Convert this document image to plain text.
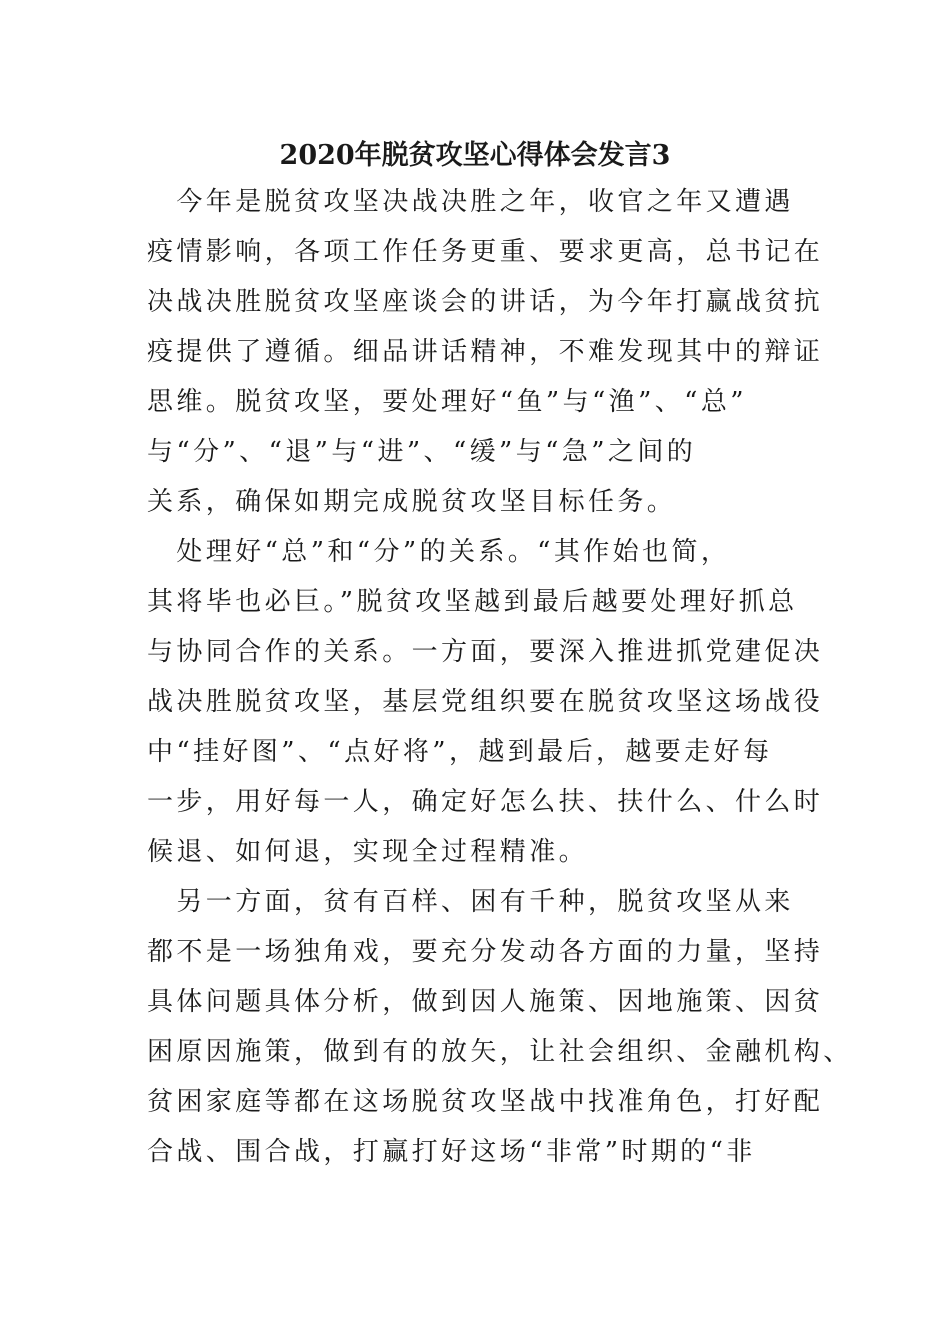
2020年脱贫攻坚心得体会发言3
　今年是脱贫攻坚决战决胜之年，收官之年又遭遇
疫情影响，各项工作任务更重、要求更高，总书记在
决战决胜脱贫攻坚座谈会的讲话，为今年打赢战贫抗
疫提供了遵循。细品讲话精神，不难发现其中的辩证
思维。脱贫攻坚，要处理好“鱼”与“渔”、“总”
与“分”、“退”与“进”、“缓”与“急”之间的
关系，确保如期完成脱贫攻坚目标任务。
　处理好“总”和“分”的关系。“其作始也简，
其将毕也必巨。”脱贫攻坚越到最后越要处理好抓总
与协同合作的关系。一方面，要深入推进抓党建促决
战决胜脱贫攻坚，基层党组织要在脱贫攻坚这场战役
中“挂好图”、“点好将”，越到最后，越要走好每
一步，用好每一人，确定好怎么扶、扶什么、什么时
候退、如何退，实现全过程精准。
　另一方面，贫有百样、困有千种，脱贫攻坚从来
都不是一场独角戏，要充分发动各方面的力量，坚持
具体问题具体分析，做到因人施策、因地施策、因贫
困原因施策，做到有的放矢，让社会组织、金融机构、
贫困家庭等都在这场脱贫攻坚战中找准角色，打好配
合战、围合战，打赢打好这场“非常”时期的“非
